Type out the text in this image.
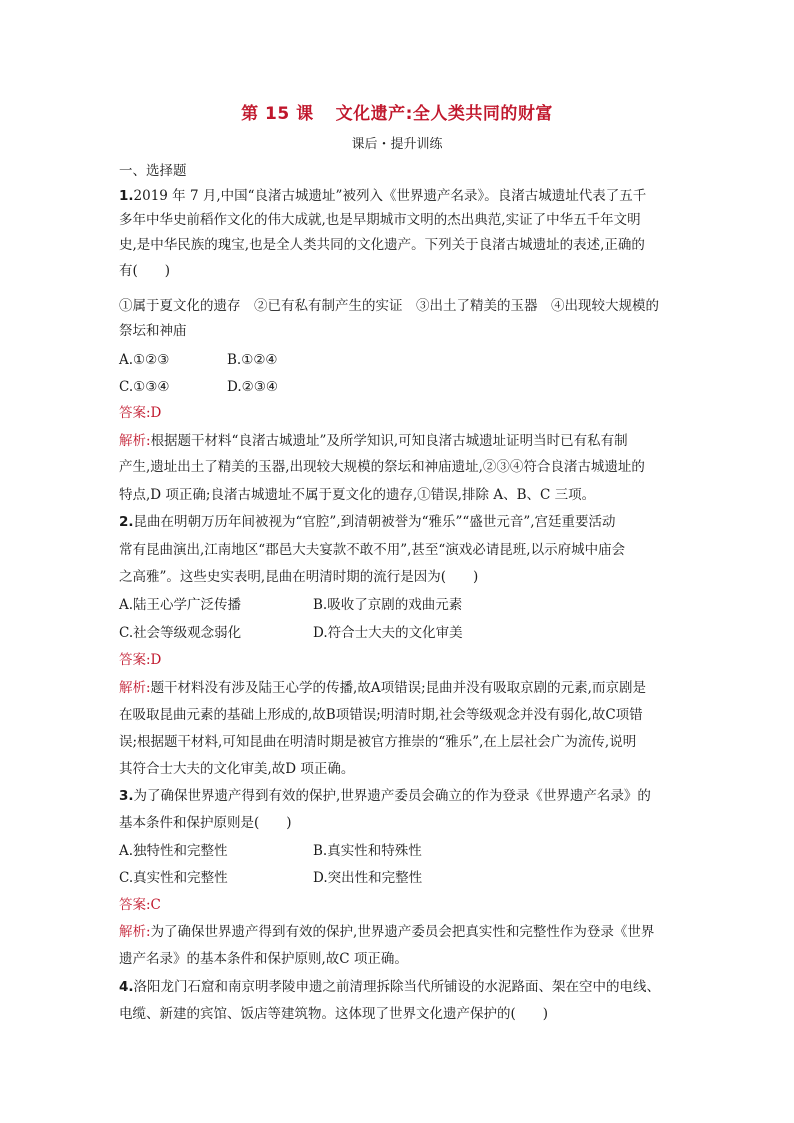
第 15 课 文化遗产:全人类共同的财富
课后・提升训练
一、选择题
1.2019 年 7 月,中国“良渚古城遗址”被列入《世界遗产名录》。良渚古城遗址代表了五千
多年中华史前稻作文化的伟大成就,也是早期城市文明的杰出典范,实证了中华五千年文明
史,是中华民族的瑰宝,也是全人类共同的文化遗产。下列关于良渚古城遗址的表述,正确的
有(　　)
①属于夏文化的遗存　②已有私有制产生的实证　③出土了精美的玉器　④出现较大规模的
祭坛和神庙
A.①②③	B.①②④
C.①③④	D.②③④
答案:D
解析:根据题干材料“良渚古城遗址”及所学知识,可知良渚古城遗址证明当时已有私有制
产生,遗址出土了精美的玉器,出现较大规模的祭坛和神庙遗址,②③④符合良渚古城遗址的
特点,D 项正确;良渚古城遗址不属于夏文化的遗存,①错误,排除 A、B、C 三项。
2.昆曲在明朝万历年间被视为“官腔”,到清朝被誉为“雅乐”“盛世元音”,宫廷重要活动
常有昆曲演出,江南地区“郡邑大夫宴款不敢不用”,甚至“演戏必请昆班,以示府城中庙会
之高雅”。这些史实表明,昆曲在明清时期的流行是因为(　　)
A.陆王心学广泛传播	B.吸收了京剧的戏曲元素
C.社会等级观念弱化	D.符合士大夫的文化审美
答案:D
解析:题干材料没有涉及陆王心学的传播,故A项错误;昆曲并没有吸取京剧的元素,而京剧是
在吸取昆曲元素的基础上形成的,故B项错误;明清时期,社会等级观念并没有弱化,故C项错
误;根据题干材料,可知昆曲在明清时期是被官方推崇的“雅乐”,在上层社会广为流传,说明
其符合士大夫的文化审美,故D 项正确。
3.为了确保世界遗产得到有效的保护,世界遗产委员会确立的作为登录《世界遗产名录》的
基本条件和保护原则是(　　)
A.独特性和完整性	B.真实性和特殊性
C.真实性和完整性	D.突出性和完整性
答案:C
解析:为了确保世界遗产得到有效的保护,世界遗产委员会把真实性和完整性作为登录《世界
遗产名录》的基本条件和保护原则,故C 项正确。
4.洛阳龙门石窟和南京明孝陵申遗之前清理拆除当代所铺设的水泥路面、架在空中的电线、
电缆、新建的宾馆、饭店等建筑物。这体现了世界文化遗产保护的(　　)
